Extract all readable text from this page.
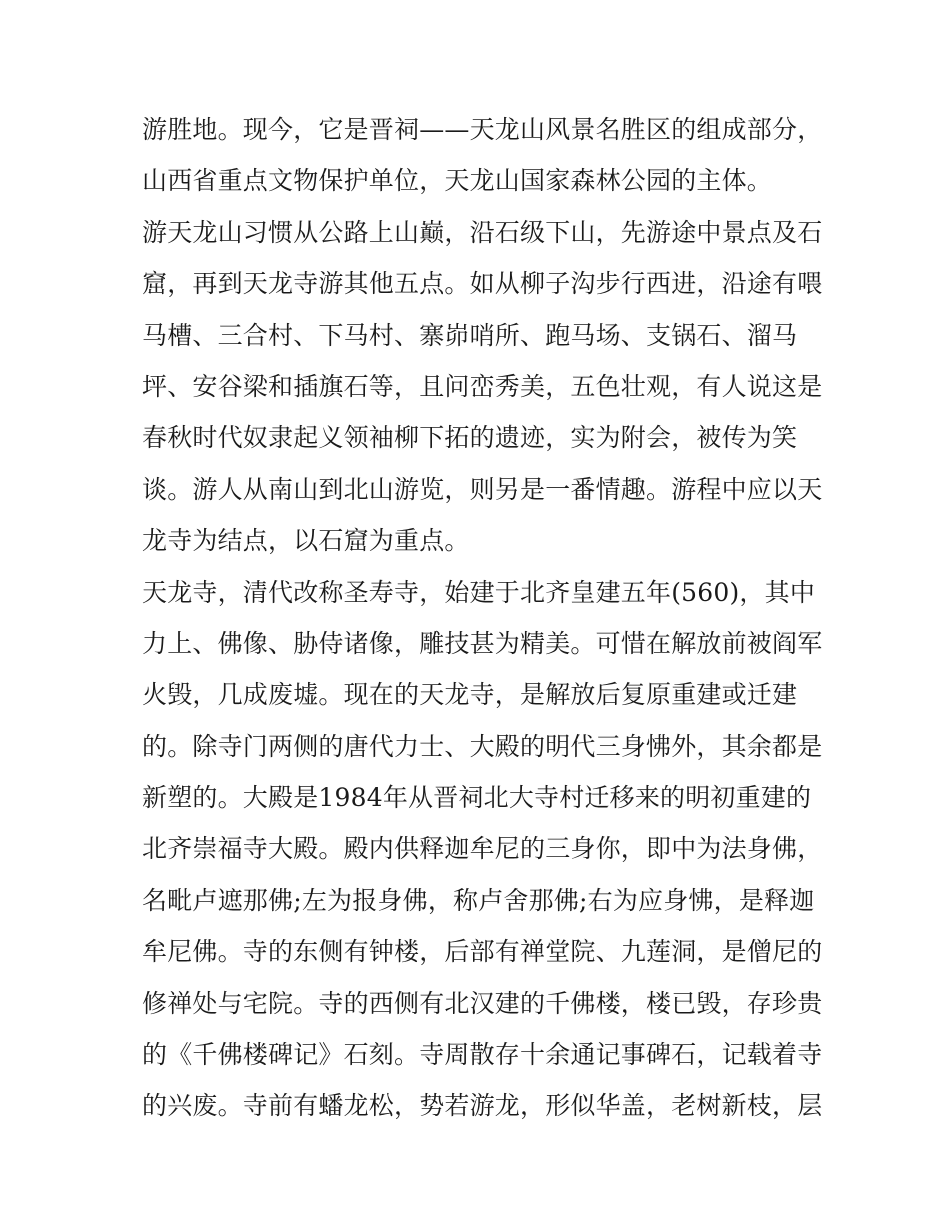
游胜地。现今，它是晋祠——天龙山风景名胜区的组成部分，
山西省重点文物保护单位，天龙山国家森林公园的主体。
游天龙山习惯从公路上山巅，沿石级下山，先游途中景点及石
窟，再到天龙寺游其他五点。如从柳子沟步行西进，沿途有喂
马槽、三合村、下马村、寨峁哨所、跑马场、支锅石、溜马
坪、安谷梁和插旗石等，且问峦秀美，五色壮观，有人说这是
春秋时代奴隶起义领袖柳下拓的遗迹，实为附会，被传为笑
谈。游人从南山到北山游览，则另是一番情趣。游程中应以天
龙寺为结点，以石窟为重点。
天龙寺，清代改称圣寿寺，始建于北齐皇建五年(560)，其中
力上、佛像、胁侍诸像，雕技甚为精美。可惜在解放前被阎军
火毁，几成废墟。现在的天龙寺，是解放后复原重建或迁建
的。除寺门两侧的唐代力士、大殿的明代三身怫外，其余都是
新塑的。大殿是1984年从晋祠北大寺村迁移来的明初重建的
北齐崇福寺大殿。殿内供释迦牟尼的三身你，即中为法身佛，
名毗卢遮那佛;左为报身佛，称卢舍那佛;右为应身怫，是释迦
牟尼佛。寺的东侧有钟楼，后部有禅堂院、九莲洞，是僧尼的
修禅处与宅院。寺的西侧有北汉建的千佛楼，楼已毁，存珍贵
的《千佛楼碑记》石刻。寺周散存十余通记事碑石，记载着寺
的兴废。寺前有蟠龙松，势若游龙，形似华盖，老树新枝，层
